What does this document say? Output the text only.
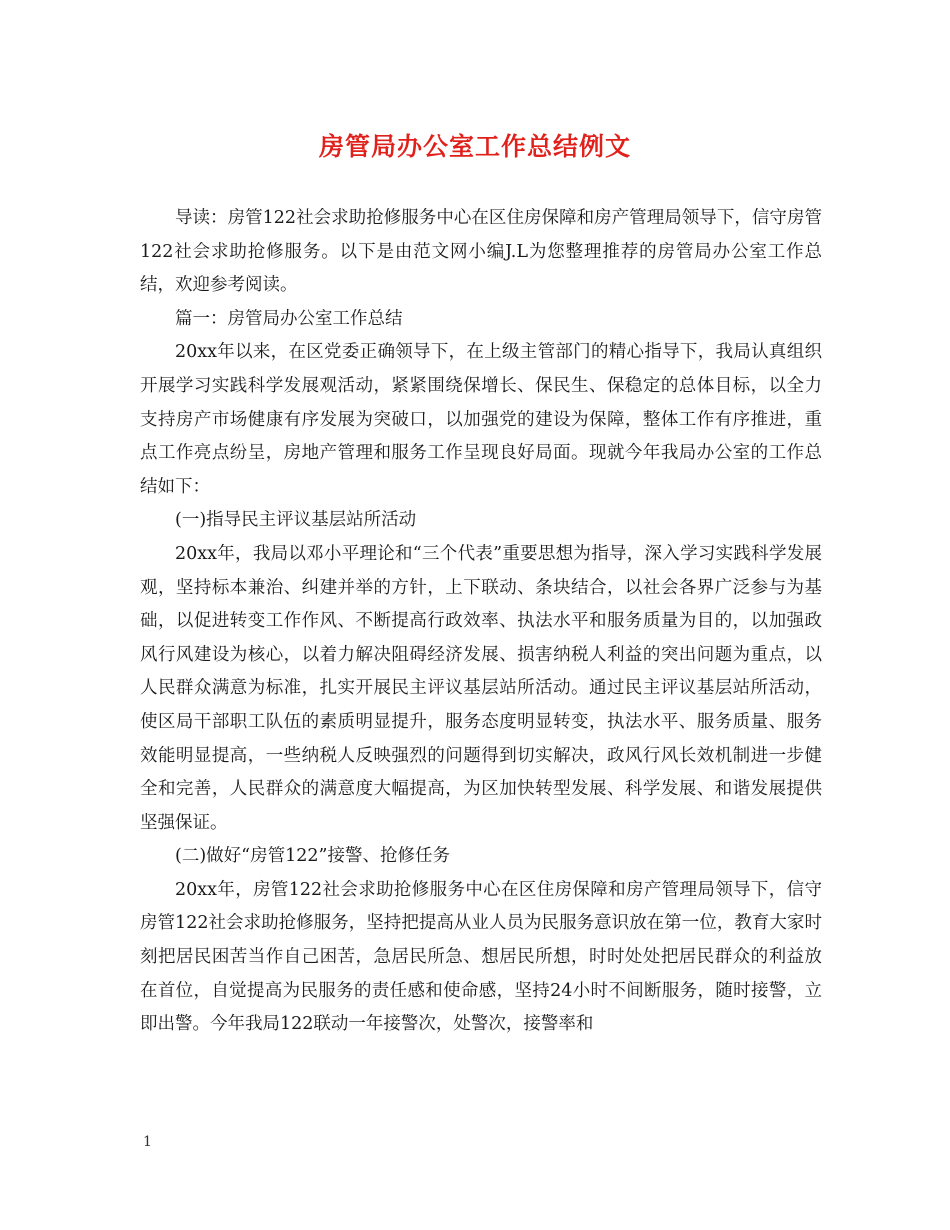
房管局办公室工作总结例文

导读：房管122社会求助抢修服务中心在区住房保障和房产管理局领导下，信守房管122社会求助抢修服务。以下是由范文网小编J.L为您整理推荐的房管局办公室工作总结，欢迎参考阅读。

篇一：房管局办公室工作总结

20xx年以来，在区党委正确领导下，在上级主管部门的精心指导下，我局认真组织开展学习实践科学发展观活动，紧紧围绕保增长、保民生、保稳定的总体目标，以全力支持房产市场健康有序发展为突破口，以加强党的建设为保障，整体工作有序推进，重点工作亮点纷呈，房地产管理和服务工作呈现良好局面。现就今年我局办公室的工作总结如下：

(一)指导民主评议基层站所活动

20xx年，我局以邓小平理论和“三个代表”重要思想为指导，深入学习实践科学发展观，坚持标本兼治、纠建并举的方针，上下联动、条块结合，以社会各界广泛参与为基础，以促进转变工作作风、不断提高行政效率、执法水平和服务质量为目的，以加强政风行风建设为核心，以着力解决阻碍经济发展、损害纳税人利益的突出问题为重点，以人民群众满意为标准，扎实开展民主评议基层站所活动。通过民主评议基层站所活动，使区局干部职工队伍的素质明显提升，服务态度明显转变，执法水平、服务质量、服务效能明显提高，一些纳税人反映强烈的问题得到切实解决，政风行风长效机制进一步健全和完善，人民群众的满意度大幅提高，为区加快转型发展、科学发展、和谐发展提供坚强保证。

(二)做好“房管122”接警、抢修任务

20xx年，房管122社会求助抢修服务中心在区住房保障和房产管理局领导下，信守房管122社会求助抢修服务，坚持把提高从业人员为民服务意识放在第一位，教育大家时刻把居民困苦当作自己困苦，急居民所急、想居民所想，时时处处把居民群众的利益放在首位，自觉提高为民服务的责任感和使命感，坚持24小时不间断服务，随时接警，立即出警。今年我局122联动一年接警次，处警次，接警率和

1
